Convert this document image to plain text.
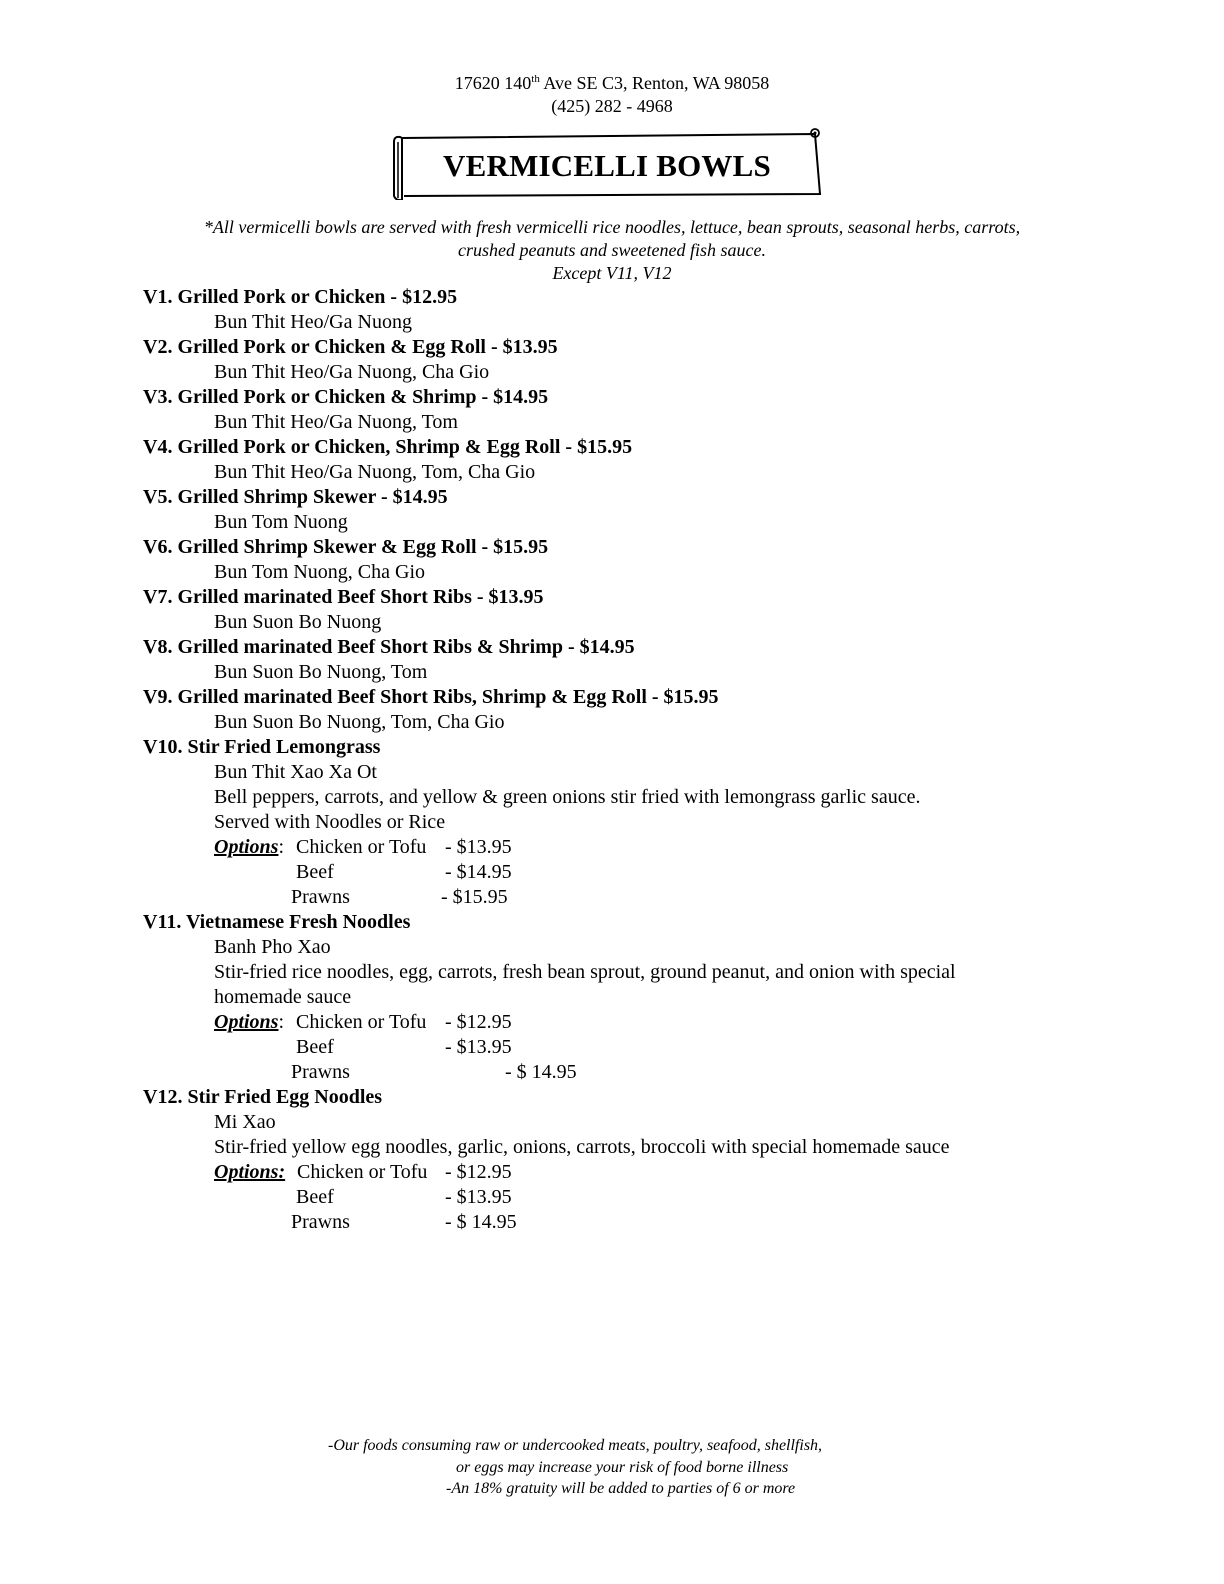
17620 140th Ave SE C3, Renton, WA 98058
(425) 282 - 4968
VERMICELLI BOWLS
*All vermicelli bowls are served with fresh vermicelli rice noodles, lettuce, bean sprouts, seasonal herbs, carrots,
crushed peanuts and sweetened fish sauce.
Except V11, V12
V1. Grilled Pork or Chicken - $12.95
Bun Thit Heo/Ga Nuong
V2. Grilled Pork or Chicken & Egg Roll - $13.95
Bun Thit Heo/Ga Nuong, Cha Gio
V3. Grilled Pork or Chicken & Shrimp - $14.95
Bun Thit Heo/Ga Nuong, Tom
V4. Grilled Pork or Chicken, Shrimp & Egg Roll - $15.95
Bun Thit Heo/Ga Nuong, Tom, Cha Gio
V5. Grilled Shrimp Skewer - $14.95
Bun Tom Nuong
V6. Grilled Shrimp Skewer & Egg Roll - $15.95
Bun Tom Nuong, Cha Gio
V7. Grilled marinated Beef Short Ribs - $13.95
Bun Suon Bo Nuong
V8. Grilled marinated Beef Short Ribs & Shrimp - $14.95
Bun Suon Bo Nuong, Tom
V9. Grilled marinated Beef Short Ribs, Shrimp & Egg Roll - $15.95
Bun Suon Bo Nuong, Tom, Cha Gio
V10. Stir Fried Lemongrass
Bun Thit Xao Xa Ot
Bell peppers, carrots, and yellow & green onions stir fried with lemongrass garlic sauce.
Served with Noodles or Rice
Options: Chicken or Tofu - $13.95
Beef	- $14.95
Prawns	- $15.95
V11. Vietnamese Fresh Noodles
Banh Pho Xao
Stir-fried rice noodles, egg, carrots, fresh bean sprout, ground peanut, and onion with special
homemade sauce
Options: Chicken or Tofu - $12.95
Beef	- $13.95
Prawns	- $ 14.95
V12. Stir Fried Egg Noodles
Mi Xao
Stir-fried yellow egg noodles, garlic, onions, carrots, broccoli with special homemade sauce
Options: Chicken or Tofu - $12.95
Beef	- $13.95
Prawns	- $ 14.95
-Our foods consuming raw or undercooked meats, poultry, seafood, shellfish,
or eggs may increase your risk of food borne illness
-An 18% gratuity will be added to parties of 6 or more
